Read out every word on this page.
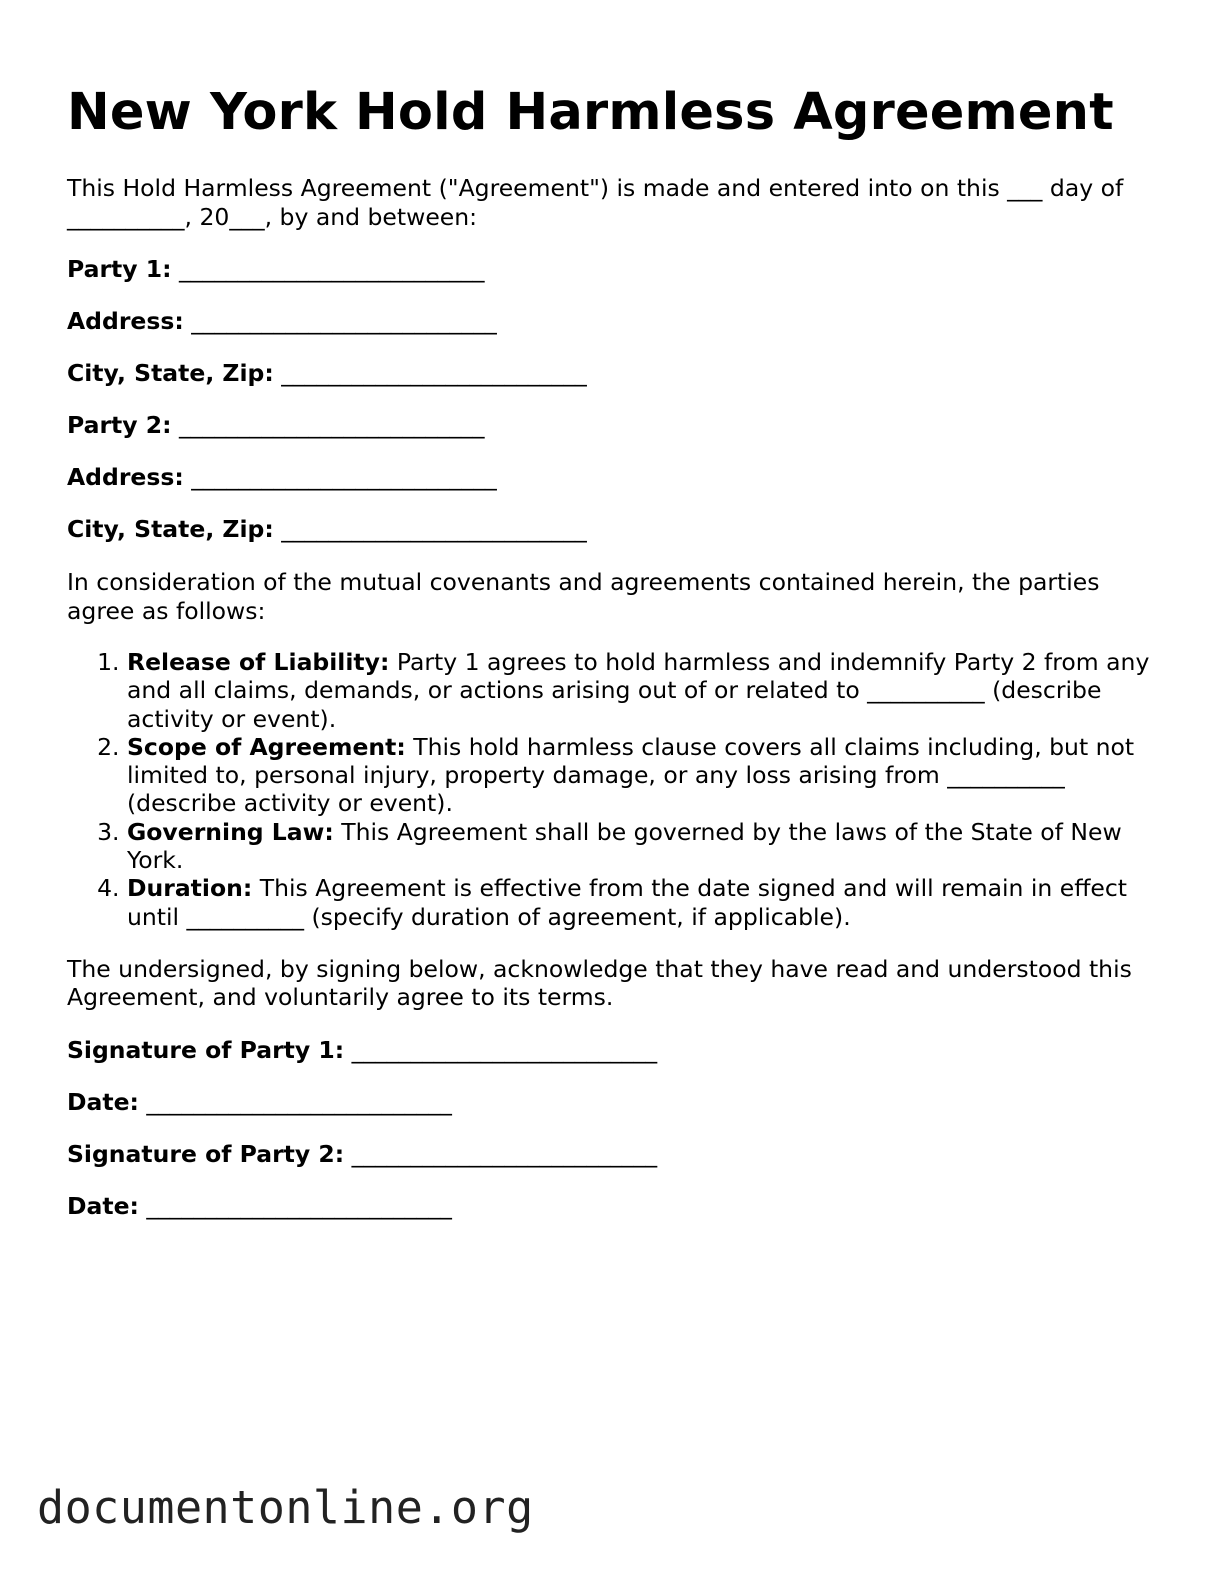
New York Hold Harmless Agreement

This Hold Harmless Agreement ("Agreement") is made and entered into on this ___ day of __________, 20___, by and between:

Party 1: __________________________
Address: __________________________
City, State, Zip: __________________________
Party 2: __________________________
Address: __________________________
City, State, Zip: __________________________

In consideration of the mutual covenants and agreements contained herein, the parties agree as follows:

1. Release of Liability: Party 1 agrees to hold harmless and indemnify Party 2 from any and all claims, demands, or actions arising out of or related to __________ (describe activity or event).
2. Scope of Agreement: This hold harmless clause covers all claims including, but not limited to, personal injury, property damage, or any loss arising from __________ (describe activity or event).
3. Governing Law: This Agreement shall be governed by the laws of the State of New York.
4. Duration: This Agreement is effective from the date signed and will remain in effect until __________ (specify duration of agreement, if applicable).

The undersigned, by signing below, acknowledge that they have read and understood this Agreement, and voluntarily agree to its terms.

Signature of Party 1: __________________________
Date: __________________________
Signature of Party 2: __________________________
Date: __________________________
documentonline.org
